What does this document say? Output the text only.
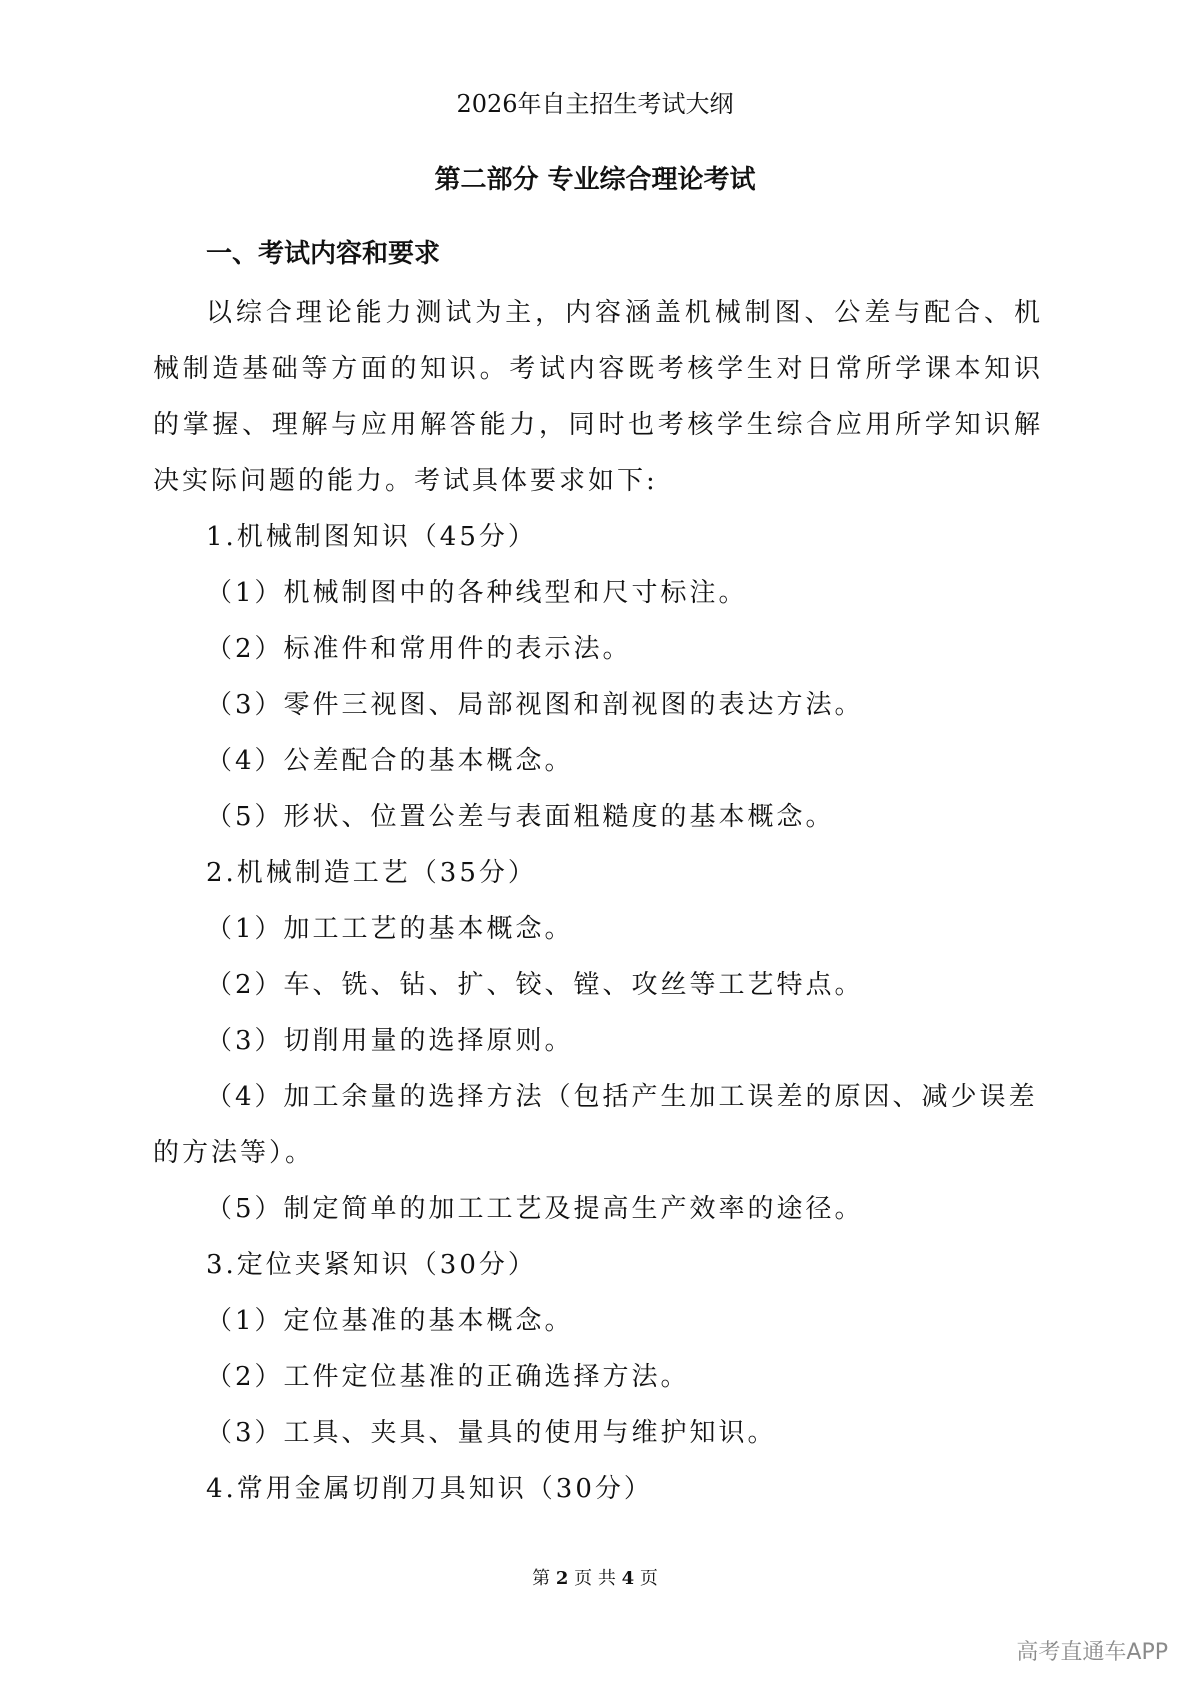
2026年自主招生考试大纲
第二部分 专业综合理论考试
一、考试内容和要求

以综合理论能力测试为主，内容涵盖机械制图、公差与配合、机械制造基础等方面的知识。考试内容既考核学生对日常所学课本知识的掌握、理解与应用解答能力，同时也考核学生综合应用所学知识解决实际问题的能力。考试具体要求如下:

1.机械制图知识（45分）

（1）机械制图中的各种线型和尺寸标注。

（2）标准件和常用件的表示法。

（3）零件三视图、局部视图和剖视图的表达方法。

（4）公差配合的基本概念。

（5）形状、位置公差与表面粗糙度的基本概念。

2.机械制造工艺（35分）

（1）加工工艺的基本概念。

（2）车、铣、钻、扩、铰、镗、攻丝等工艺特点。

（3）切削用量的选择原则。

（4）加工余量的选择方法（包括产生加工误差的原因、减少误差的方法等）。

（5）制定简单的加工工艺及提高生产效率的途径。

3.定位夹紧知识（30分）

（1）定位基准的基本概念。

（2）工件定位基准的正确选择方法。

（3）工具、夹具、量具的使用与维护知识。

4.常用金属切削刀具知识（30分）

第 2 页 共 4 页
高考直通车APP
